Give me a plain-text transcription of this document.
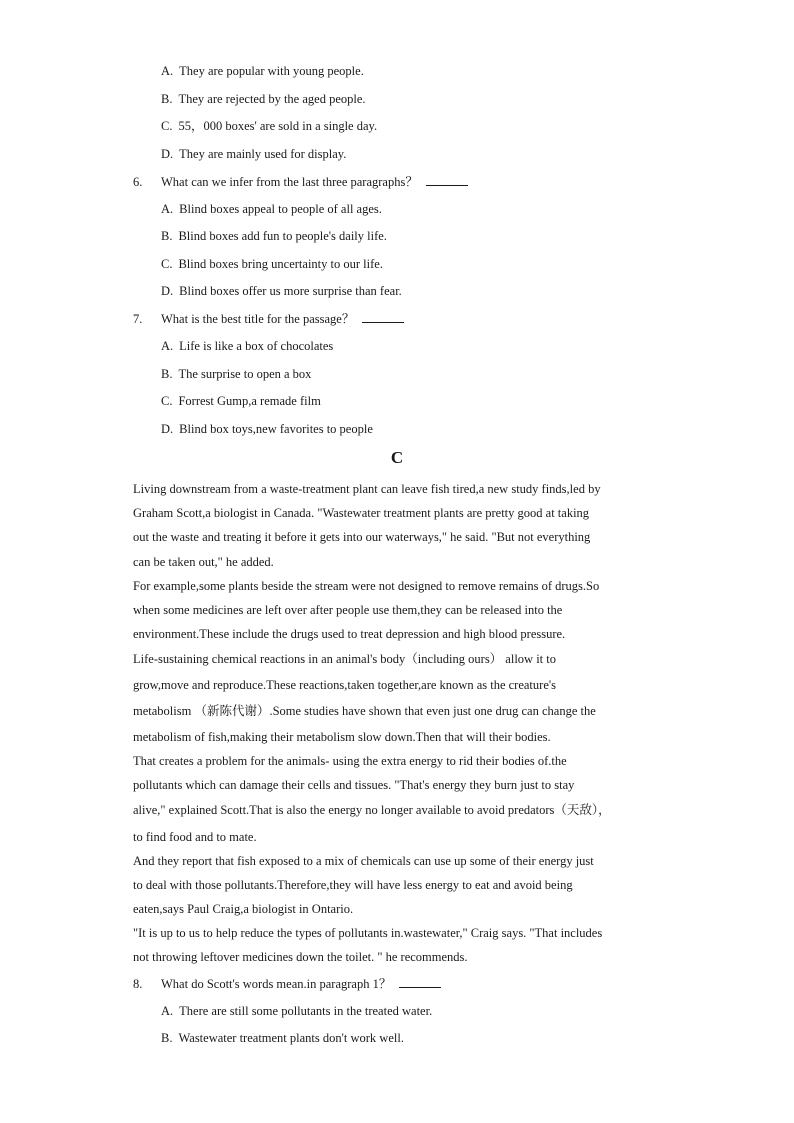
A. They are popular with young people.
B. They are rejected by the aged people.
C. 55，000 boxes' are sold in a single day.
D. They are mainly used for display.
6. What can we infer from the last three paragraphs？
A. Blind boxes appeal to people of all ages.
B. Blind boxes add fun to people's daily life.
C. Blind boxes bring uncertainty to our life.
D. Blind boxes offer us more surprise than fear.
7. What is the best title for the passage？
A. Life is like a box of chocolates
B. The surprise to open a box
C. Forrest Gump,a remade film
D. Blind box toys,new favorites to people
C
Living downstream from a waste-treatment plant can leave fish tired,a new study finds,led by
Graham Scott,a biologist in Canada. "Wastewater treatment plants are pretty good at taking
out the waste and treating it before it gets into our waterways," he said. "But not everything
can be taken out," he added.
For example,some plants beside the stream were not designed to remove remains of drugs.So
when some medicines are left over after people use them,they can be released into the
environment.These include the drugs used to treat depression and high blood pressure.
Life-sustaining chemical reactions in an animal's body（including ours） allow it to
grow,move and reproduce.These reactions,taken together,are known as the creature's
metabolism （新陈代谢）.Some studies have shown that even just one drug can change the
metabolism of fish,making their metabolism slow down.Then that will their bodies.
That creates a problem for the animals- using the extra energy to rid their bodies of.the
pollutants which can damage their cells and tissues. "That's energy they burn just to stay
alive," explained Scott.That is also the energy no longer available to avoid predators（天敌），
to find food and to mate.
And they report that fish exposed to a mix of chemicals can use up some of their energy just
to deal with those pollutants.Therefore,they will have less energy to eat and avoid being
eaten,says Paul Craig,a biologist in Ontario.
"It is up to us to help reduce the types of pollutants in.wastewater," Craig says. "That includes
not throwing leftover medicines down the toilet. " he recommends.
8. What do Scott's words mean.in paragraph 1？
A. There are still some pollutants in the treated water.
B. Wastewater treatment plants don't work well.
